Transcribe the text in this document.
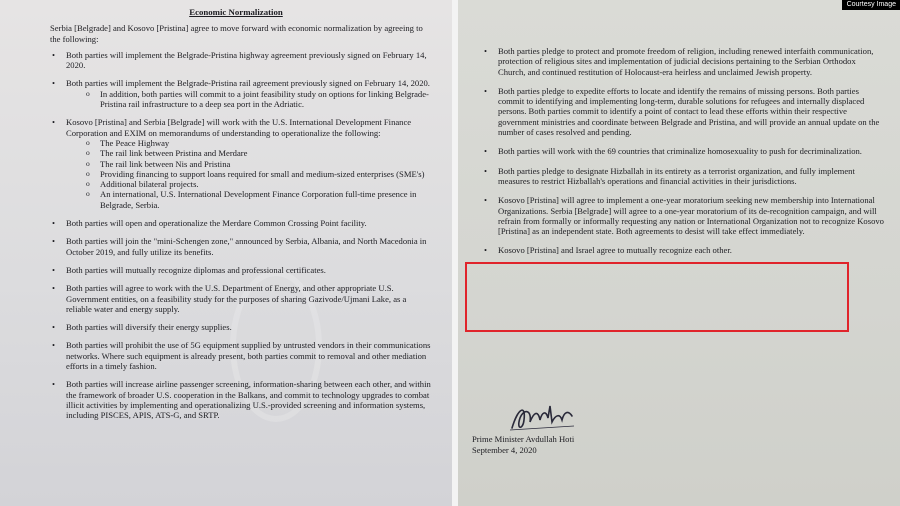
Economic Normalization
Serbia [Belgrade] and Kosovo [Pristina] agree to move forward with economic normalization by agreeing to the following:
• Both parties will implement the Belgrade-Pristina highway agreement previously signed on February 14, 2020.
• Both parties will implement the Belgrade-Pristina rail agreement previously signed on February 14, 2020.
o In addition, both parties will commit to a joint feasibility study on options for linking Belgrade-Pristina rail infrastructure to a deep sea port in the Adriatic.
• Kosovo [Pristina] and Serbia [Belgrade] will work with the U.S. International Development Finance Corporation and EXIM on memorandums of understanding to operationalize the following:
o The Peace Highway
o The rail link between Pristina and Merdare
o The rail link between Nis and Pristina
o Providing financing to support loans required for small and medium-sized enterprises (SME's)
o Additional bilateral projects.
o An international, U.S. International Development Finance Corporation full-time presence in Belgrade, Serbia.
• Both parties will open and operationalize the Merdare Common Crossing Point facility.
• Both parties will join the "mini-Schengen zone," announced by Serbia, Albania, and North Macedonia in October 2019, and fully utilize its benefits.
• Both parties will mutually recognize diplomas and professional certificates.
• Both parties will agree to work with the U.S. Department of Energy, and other appropriate U.S. Government entities, on a feasibility study for the purposes of sharing Gazivode/Ujmani Lake, as a reliable water and energy supply.
• Both parties will diversify their energy supplies.
• Both parties will prohibit the use of 5G equipment supplied by untrusted vendors in their communications networks. Where such equipment is already present, both parties commit to removal and other mediation efforts in a timely fashion.
• Both parties will increase airline passenger screening, information-sharing between each other, and within the framework of broader U.S. cooperation in the Balkans, and commit to technology upgrades to combat illicit activities by implementing and operationalizing U.S.-provided screening and information systems, including PISCES, APIS, ATS-G, and SRTP.
• Both parties pledge to protect and promote freedom of religion, including renewed interfaith communication, protection of religious sites and implementation of judicial decisions pertaining to the Serbian Orthodox Church, and continued restitution of Holocaust-era heirless and unclaimed Jewish property.
• Both parties pledge to expedite efforts to locate and identify the remains of missing persons. Both parties commit to identifying and implementing long-term, durable solutions for refugees and internally displaced persons. Both parties commit to identify a point of contact to lead these efforts within their respective government ministries and coordinate between Belgrade and Pristina, and will provide an annual update on the number of cases resolved and pending.
• Both parties will work with the 69 countries that criminalize homosexuality to push for decriminalization.
• Both parties pledge to designate Hizballah in its entirety as a terrorist organization, and fully implement measures to restrict Hizballah's operations and financial activities in their jurisdictions.
• Kosovo [Pristina] will agree to implement a one-year moratorium seeking new membership into International Organizations. Serbia [Belgrade] will agree to a one-year moratorium of its de-recognition campaign, and will refrain from formally or informally requesting any nation or International Organization not to recognize Kosovo [Pristina] as an independent state. Both agreements to desist will take effect immediately.
• Kosovo [Pristina] and Israel agree to mutually recognize each other.
Prime Minister Avdullah Hoti
September 4, 2020
Courtesy Image
